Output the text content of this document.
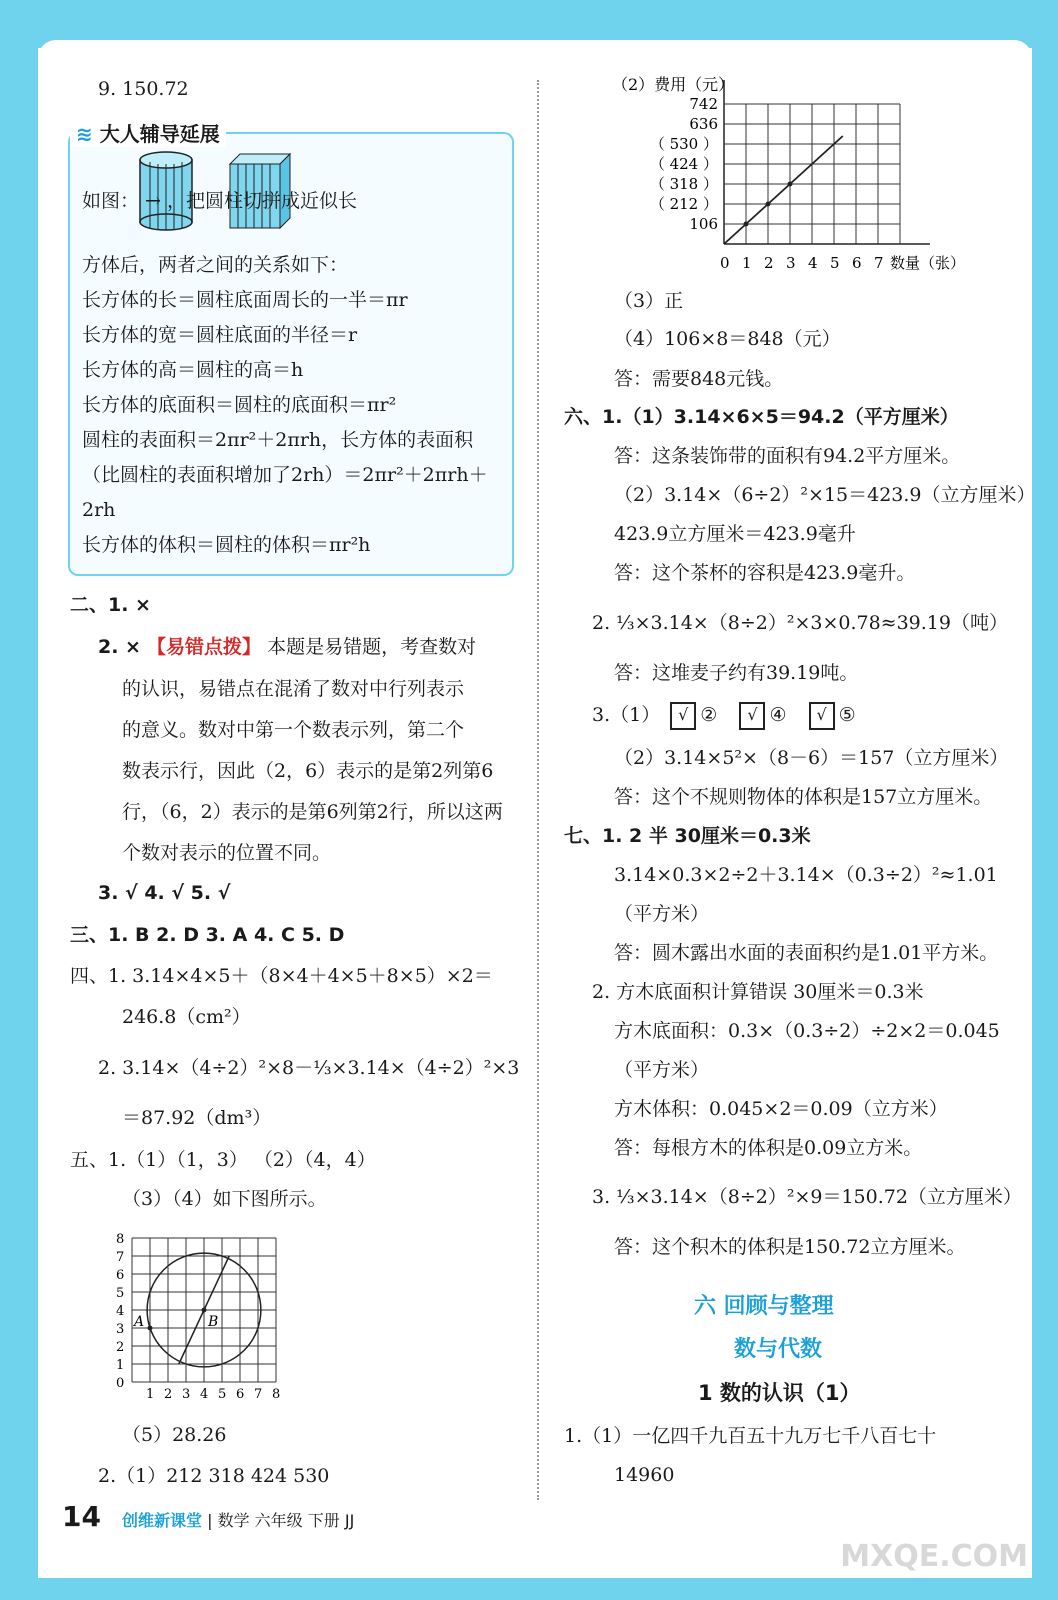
9. 150.72
≋ 大人辅导延展
如图： → ，把圆柱切拼成近似长
方体后，两者之间的关系如下：
长方体的长＝圆柱底面周长的一半＝πr
长方体的宽＝圆柱底面的半径＝r
长方体的高＝圆柱的高＝h
长方体的底面积＝圆柱的底面积＝πr²
圆柱的表面积＝2πr²＋2πrh，长方体的表面积
（比圆柱的表面积增加了2rh）＝2πr²＋2πrh＋
2rh
长方体的体积＝圆柱的体积＝πr²h
二、1. ×
2. × 【易错点拨】 本题是易错题，考查数对
的认识，易错点在混淆了数对中行列表示
的意义。数对中第一个数表示列，第二个
数表示行，因此（2，6）表示的是第2列第6
行，（6，2）表示的是第6列第2行，所以这两
个数对表示的位置不同。
3. √ 4. √ 5. √
三、1. B 2. D 3. A 4. C 5. D
四、1. 3.14×4×5＋（8×4＋4×5＋8×5）×2＝
246.8（cm²）
2. 3.14×（4÷2）²×8－⅓×3.14×（4÷2）²×3
＝87.92（dm³）
五、1.（1）（1，3） （2）（4，4）
（3）（4）如下图所示。
1 2 3 4 5 6 7 8
0
1
2
3
4
5
6
7
8
A	B
（5）28.26
2.（1）212 318 424 530
（2）费用（元）
742
636
（ 530 ）
（ 424 ）
（ 318 ）
（ 212 ）
106
0 1 2 3 4 5 6 7 数量（张）
（3）正
（4）106×8＝848（元）
答：需要848元钱。
六、1.（1）3.14×6×5＝94.2（平方厘米）
答：这条装饰带的面积有94.2平方厘米。
（2）3.14×（6÷2）²×15＝423.9（立方厘米）
423.9立方厘米＝423.9毫升
答：这个茶杯的容积是423.9毫升。
2. ⅓×3.14×（8÷2）²×3×0.78≈39.19（吨）
答：这堆麦子约有39.19吨。
3.（1） √ ② √ ④ √ ⑤
（2）3.14×5²×（8－6）＝157（立方厘米）
答：这个不规则物体的体积是157立方厘米。
七、1. 2 半 30厘米＝0.3米
3.14×0.3×2÷2＋3.14×（0.3÷2）²≈1.01
（平方米）
答：圆木露出水面的表面积约是1.01平方米。
2. 方木底面积计算错误 30厘米＝0.3米
方木底面积：0.3×（0.3÷2）÷2×2＝0.045
（平方米）
方木体积：0.045×2＝0.09（立方米）
答：每根方木的体积是0.09立方米。
3. ⅓×3.14×（8÷2）²×9＝150.72（立方厘米）
答：这个积木的体积是150.72立方厘米。
六 回顾与整理
数与代数
1 数的认识（1）
1.（1）一亿四千九百五十九万七千八百七十
14960
14 创维新课堂 | 数学 六年级 下册 JJ
MXQE.COM
